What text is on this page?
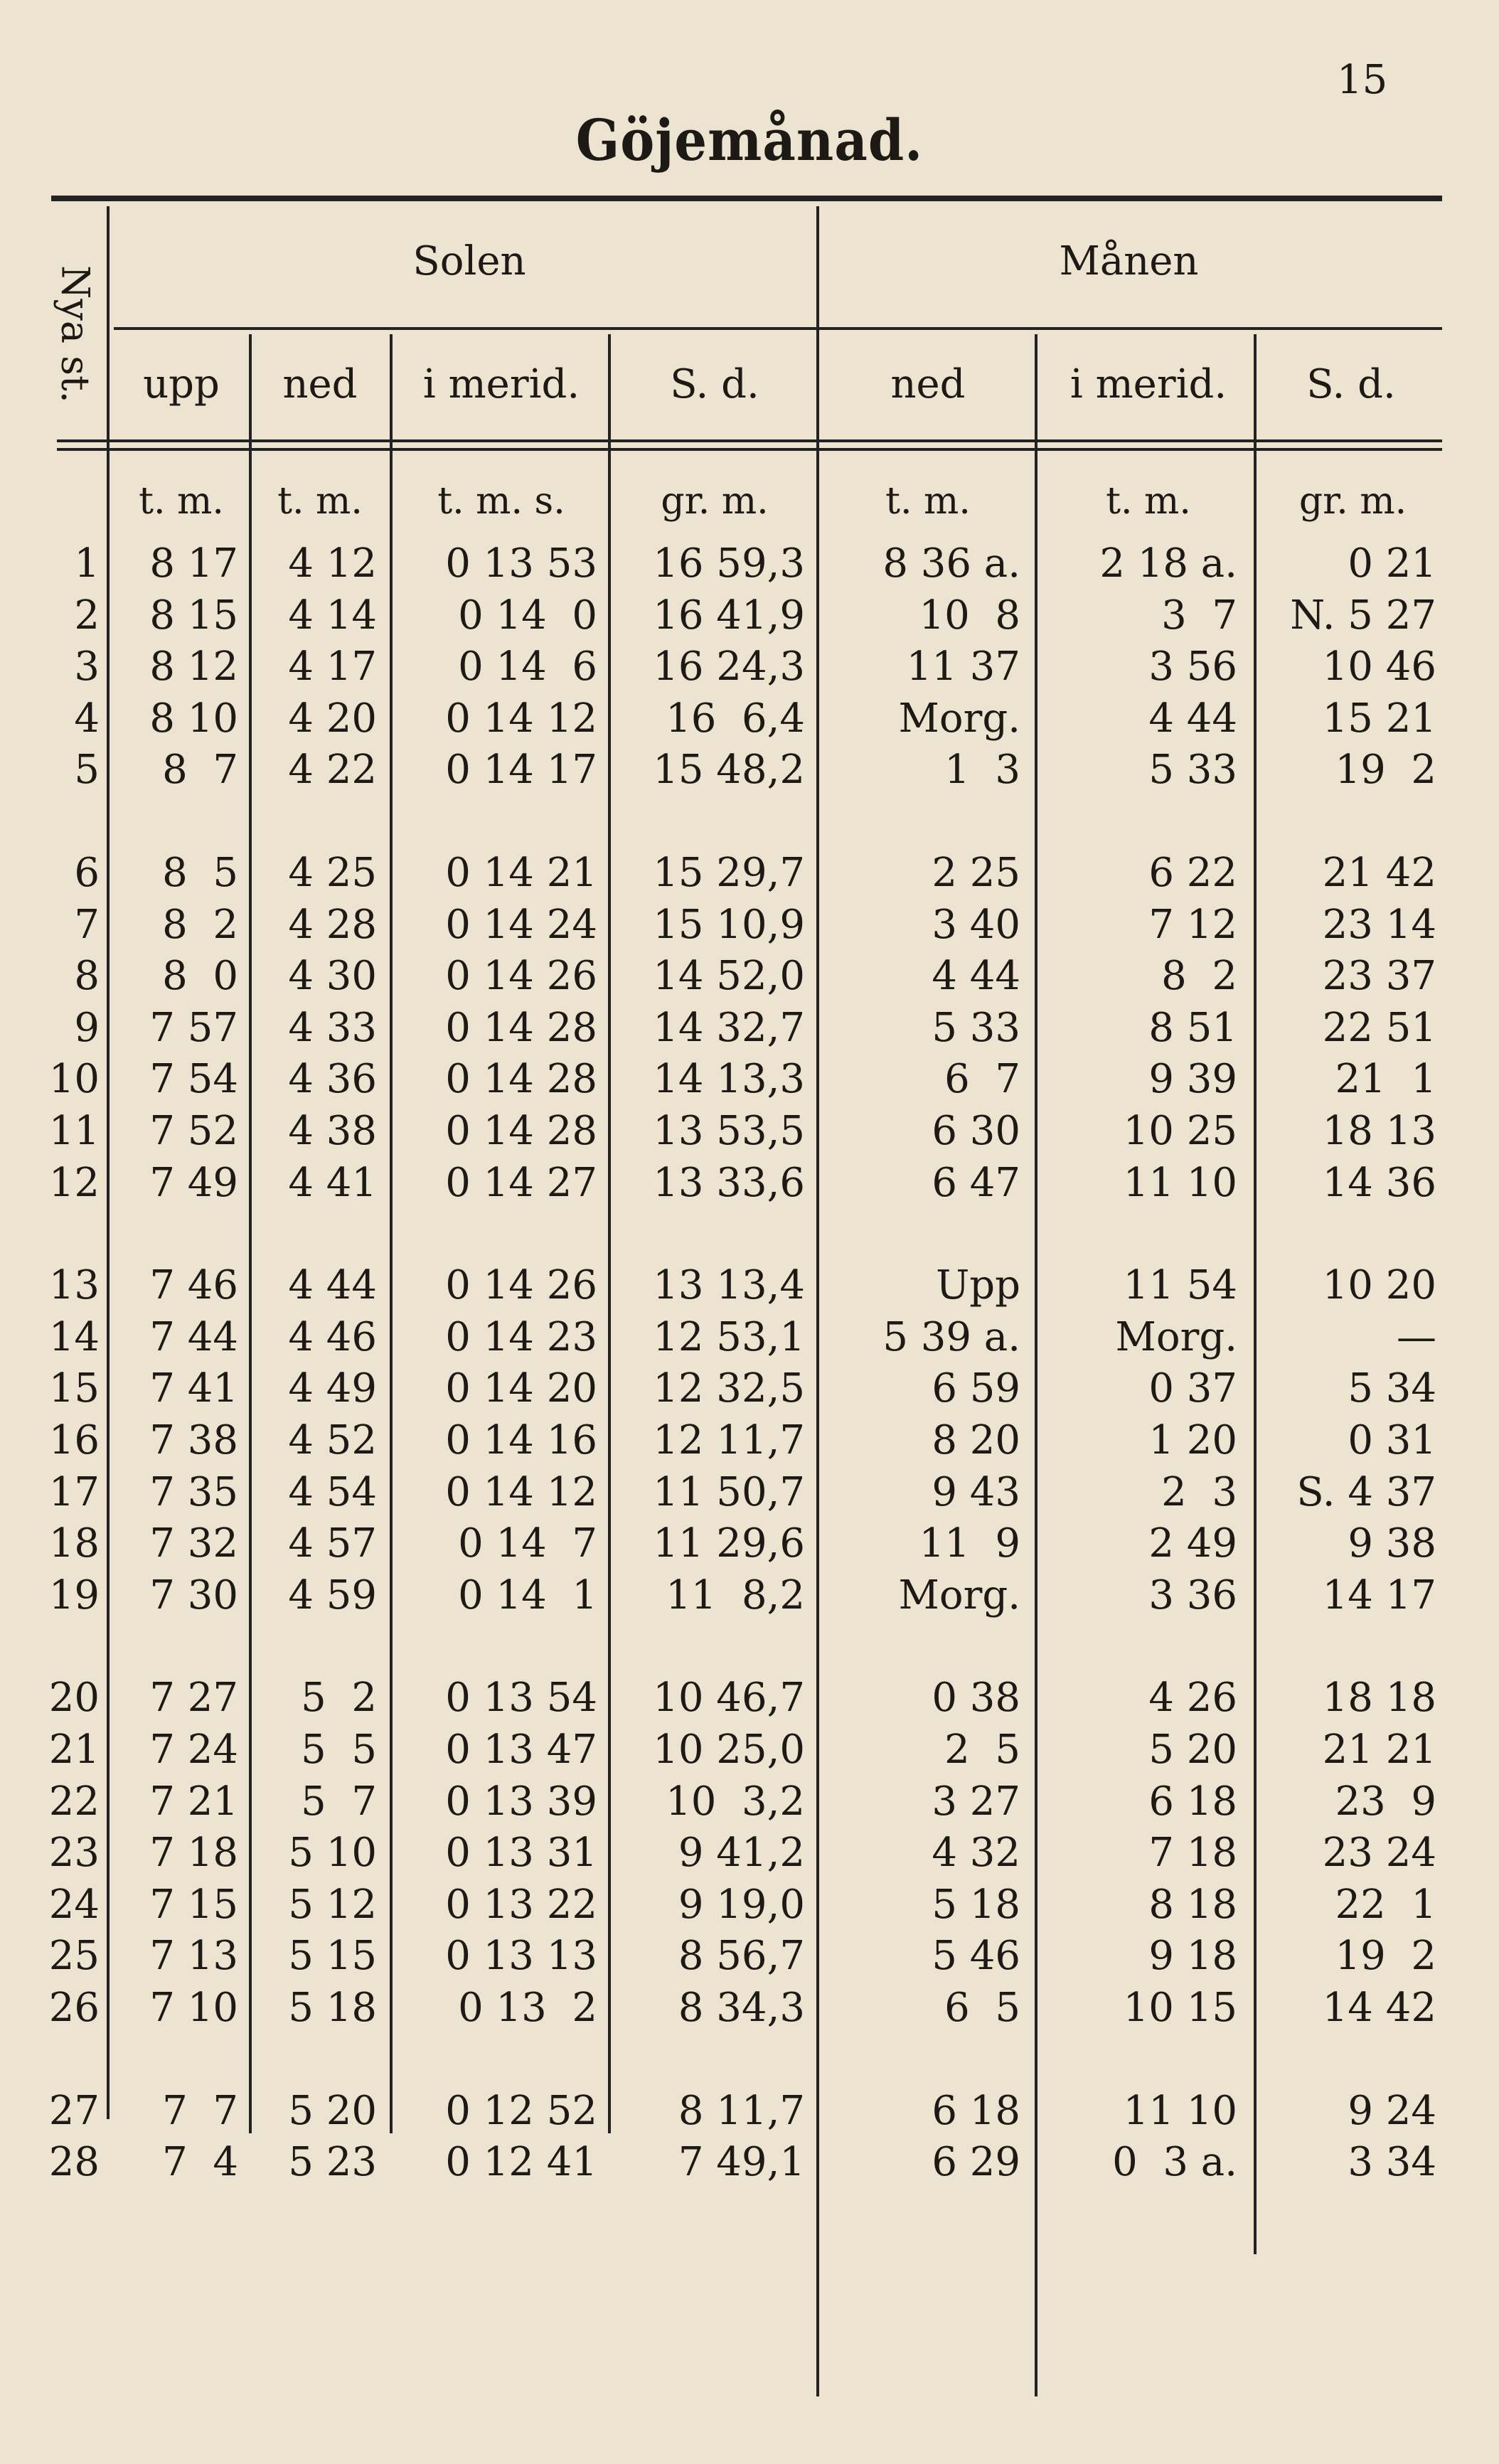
15
Göjemånad.
Nya st.
Solen	Månen
upp	ned	i merid.	S. d.	ned	i merid.	S. d.
t. m.	t. m.	t. m. s.	gr. m.	t. m.	t. m.	gr. m.
1	8 17	4 12	0 13 53	16 59,3	8 36 a.	2 18 a.	0 21
2	8 15	4 14	0 14  0	16 41,9	10  8	3  7	N. 5 27
3	8 12	4 17	0 14  6	16 24,3	11 37	3 56	10 46
4	8 10	4 20	0 14 12	16  6,4	Morg.	4 44	15 21
5	8  7	4 22	0 14 17	15 48,2	1  3	5 33	19  2
6	8  5	4 25	0 14 21	15 29,7	2 25	6 22	21 42
7	8  2	4 28	0 14 24	15 10,9	3 40	7 12	23 14
8	8  0	4 30	0 14 26	14 52,0	4 44	8  2	23 37
9	7 57	4 33	0 14 28	14 32,7	5 33	8 51	22 51
10	7 54	4 36	0 14 28	14 13,3	6  7	9 39	21  1
11	7 52	4 38	0 14 28	13 53,5	6 30	10 25	18 13
12	7 49	4 41	0 14 27	13 33,6	6 47	11 10	14 36
13	7 46	4 44	0 14 26	13 13,4	Upp	11 54	10 20
14	7 44	4 46	0 14 23	12 53,1	5 39 a.	Morg.	—
15	7 41	4 49	0 14 20	12 32,5	6 59	0 37	5 34
16	7 38	4 52	0 14 16	12 11,7	8 20	1 20	0 31
17	7 35	4 54	0 14 12	11 50,7	9 43	2  3	S. 4 37
18	7 32	4 57	0 14  7	11 29,6	11  9	2 49	9 38
19	7 30	4 59	0 14  1	11  8,2	Morg.	3 36	14 17
20	7 27	5  2	0 13 54	10 46,7	0 38	4 26	18 18
21	7 24	5  5	0 13 47	10 25,0	2  5	5 20	21 21
22	7 21	5  7	0 13 39	10  3,2	3 27	6 18	23  9
23	7 18	5 10	0 13 31	9 41,2	4 32	7 18	23 24
24	7 15	5 12	0 13 22	9 19,0	5 18	8 18	22  1
25	7 13	5 15	0 13 13	8 56,7	5 46	9 18	19  2
26	7 10	5 18	0 13  2	8 34,3	6  5	10 15	14 42
27	7  7	5 20	0 12 52	8 11,7	6 18	11 10	9 24
28	7  4	5 23	0 12 41	7 49,1	6 29	0  3 a.	3 34
